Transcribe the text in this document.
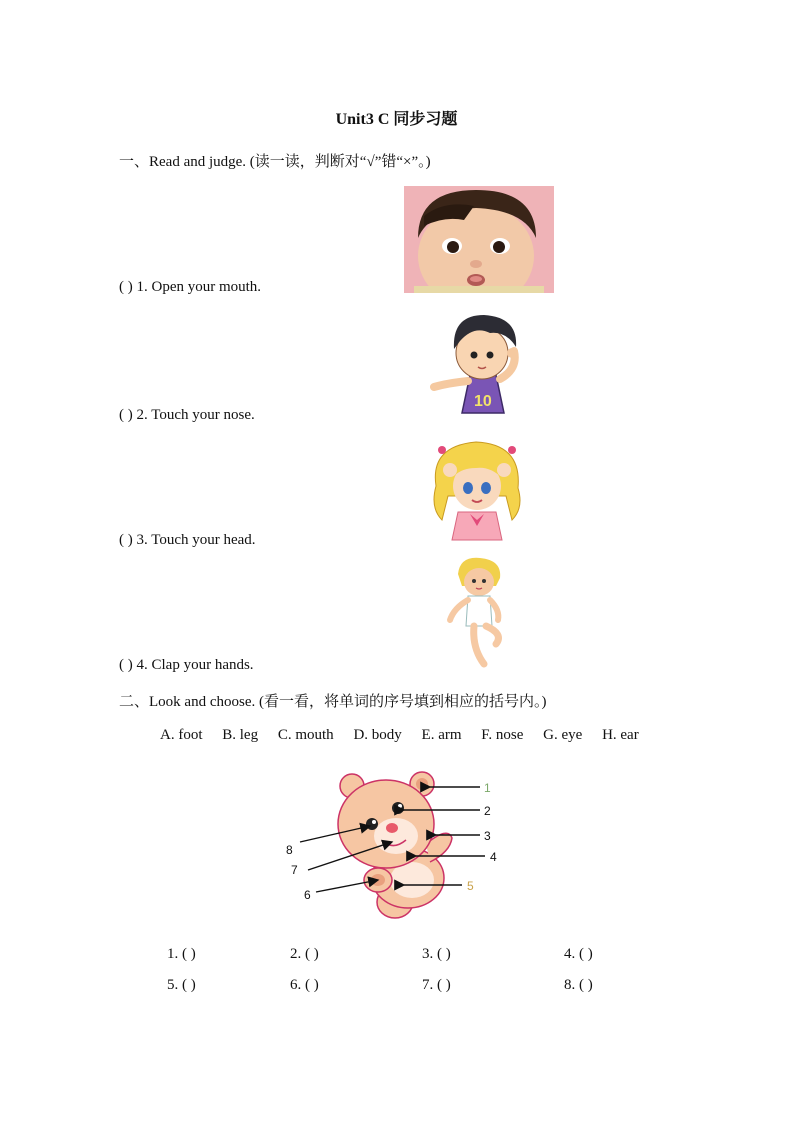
Unit3 C 同步习题
一、Read and judge. (读一读，判断对“√”错“×”。)
( ) 1. Open your mouth.
10
( ) 2. Touch your nose.
( ) 3. Touch your head.
( ) 4. Clap your hands.
二、Look and choose. (看一看，将单词的序号填到相应的括号内。)
A. foot B. leg C. mouth D. body E. arm F. nose G. eye H. ear
1
2
3
4
5
6
7
8
1. ( )	2. ( )	3. ( )	4. ( )
5. ( )	6. ( )	7. ( )	8. ( )
